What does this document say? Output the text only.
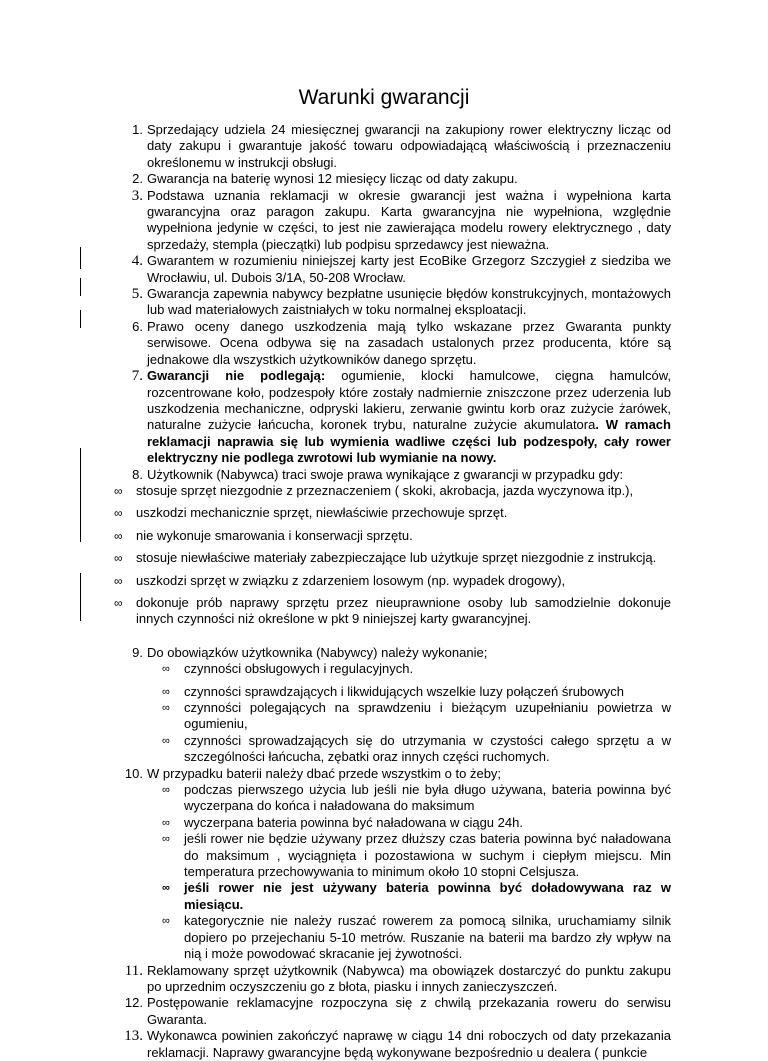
Warunki gwarancji
1. Sprzedający udziela 24 miesięcznej gwarancji na zakupiony rower elektryczny licząc od daty zakupu i gwarantuje jakość towaru odpowiadającą właściwością i przeznaczeniu określonemu w instrukcji obsługi.
2. Gwarancja na baterię wynosi 12 miesięcy licząc od daty zakupu.
3. Podstawa uznania reklamacji w okresie gwarancji jest ważna i wypełniona karta gwarancyjna oraz paragon zakupu. Karta gwarancyjna nie wypełniona, względnie wypełniona jedynie w części, to jest nie zawierająca modelu rowery elektrycznego , daty sprzedaży, stempla (pieczątki) lub podpisu sprzedawcy jest nieważna.
4. Gwarantem w rozumieniu niniejszej karty jest EcoBike Grzegorz Szczygieł z siedziba we Wrocławiu, ul. Dubois 3/1A, 50-208 Wrocław.
5. Gwarancja zapewnia nabywcy bezpłatne usunięcie błędów konstrukcyjnych, montażowych lub wad materiałowych zaistniałych w toku normalnej eksploatacji.
6. Prawo oceny danego uszkodzenia mają tylko wskazane przez Gwaranta punkty serwisowe. Ocena odbywa się na zasadach ustalonych przez producenta, które są jednakowe dla wszystkich użytkowników danego sprzętu.
7. Gwarancji nie podlegają: ogumienie, klocki hamulcowe, cięgna hamulców, rozcentrowane koło, podzespoły które zostały nadmiernie zniszczone przez uderzenia lub uszkodzenia mechaniczne, odpryski lakieru, zerwanie gwintu korb oraz zużycie żarówek, naturalne zużycie łańcucha, koronek trybu, naturalne zużycie akumulatora. W ramach reklamacji naprawia się lub wymienia wadliwe części lub podzespoły, cały rower elektryczny nie podlega zwrotowi lub wymianie na nowy.
8. Użytkownik (Nabywca) traci swoje prawa wynikające z gwarancji w przypadku gdy:
∞ stosuje sprzęt niezgodnie z przeznaczeniem ( skoki, akrobacja, jazda wyczynowa itp.),
∞ uszkodzi mechanicznie sprzęt, niewłaściwie przechowuje sprzęt.
∞ nie wykonuje smarowania i konserwacji sprzętu.
∞ stosuje niewłaściwe materiały zabezpieczające lub użytkuje sprzęt niezgodnie z instrukcją.
∞ uszkodzi sprzęt w związku z zdarzeniem losowym (np. wypadek drogowy),
∞ dokonuje prób naprawy sprzętu przez nieuprawnione osoby lub samodzielnie dokonuje innych czynności niż określone w pkt 9 niniejszej karty gwarancyjnej.
9. Do obowiązków użytkownika (Nabywcy) należy wykonanie;
∞ czynności obsługowych i regulacyjnych.
∞ czynności sprawdzających i likwidujących wszelkie luzy połączeń śrubowych
∞ czynności polegających na sprawdzeniu i bieżącym uzupełnianiu powietrza w ogumieniu,
∞ czynności sprowadzających się do utrzymania w czystości całego sprzętu a w szczególności łańcucha, zębatki oraz innych części ruchomych.
10. W przypadku baterii należy dbać przede wszystkim o to żeby;
∞ podczas pierwszego użycia lub jeśli nie była długo używana, bateria powinna być wyczerpana do końca i naładowana do maksimum
∞ wyczerpana bateria powinna być naładowana w ciągu 24h.
∞ jeśli rower nie będzie używany przez dłuższy czas bateria powinna być naładowana do maksimum , wyciągnięta i pozostawiona w suchym i ciepłym miejscu. Min temperatura przechowywania to minimum około 10 stopni Celsjusza.
∞ jeśli rower nie jest używany bateria powinna być doładowywana raz w miesiącu.
∞ kategorycznie nie należy ruszać rowerem za pomocą silnika, uruchamiamy silnik dopiero po przejechaniu 5-10 metrów. Ruszanie na baterii ma bardzo zły wpływ na nią i może powodować skracanie jej żywotności.
11. Reklamowany sprzęt użytkownik (Nabywca) ma obowiązek dostarczyć do punktu zakupu po uprzednim oczyszczeniu go z błota, piasku i innych zanieczyszczeń.
12. Postępowanie reklamacyjne rozpoczyna się z chwilą przekazania roweru do serwisu Gwaranta.
13. Wykonawca powinien zakończyć naprawę w ciągu 14 dni roboczych od daty przekazania reklamacji. Naprawy gwarancyjne będą wykonywane bezpośrednio u dealera ( punkcie
